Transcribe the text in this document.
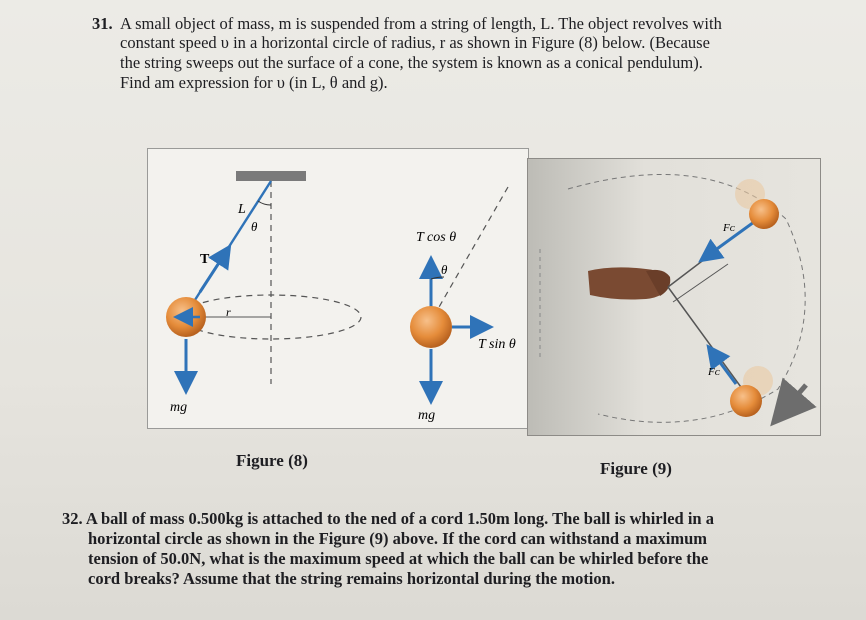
31. A small object of mass, m is suspended from a string of length, L. The object revolves with
constant speed υ in a horizontal circle of radius, r as shown in Figure (8) below. (Because
the string sweeps out the surface of a cone, the system is known as a conical pendulum).
Find am expression for υ (in L, θ and g).
L
θ
T
r
mg
T cos θ
θ
T sin θ
mg
Fᴄ
Fᴄ
Figure (8)	Figure (9)
32. A ball of mass 0.500kg is attached to the ned of a cord 1.50m long. The ball is whirled in a
horizontal circle as shown in the Figure (9) above. If the cord can withstand a maximum
tension of 50.0N, what is the maximum speed at which the ball can be whirled before the
cord breaks? Assume that the string remains horizontal during the motion.
